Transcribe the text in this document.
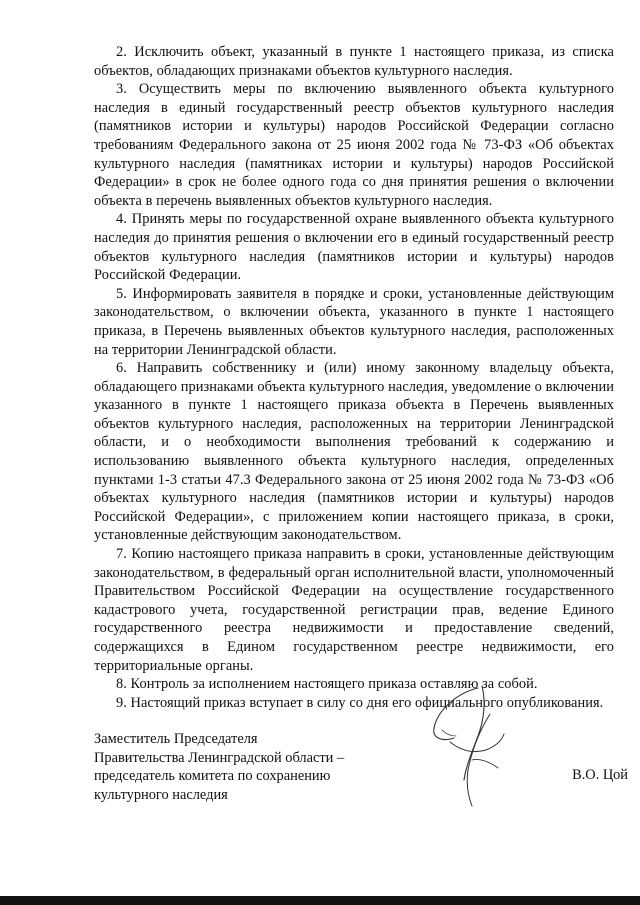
2. Исключить объект, указанный в пункте 1 настоящего приказа, из списка объектов, обладающих признаками объектов культурного наследия.

3. Осуществить меры по включению выявленного объекта культурного наследия в единый государственный реестр объектов культурного наследия (памятников истории и культуры) народов Российской Федерации согласно требованиям Федерального закона от 25 июня 2002 года № 73-ФЗ «Об объектах культурного наследия (памятниках истории и культуры) народов Российской Федерации» в срок не более одного года со дня принятия решения о включении объекта в перечень выявленных объектов культурного наследия.

4. Принять меры по государственной охране выявленного объекта культурного наследия до принятия решения о включении его в единый государственный реестр объектов культурного наследия (памятников истории и культуры) народов Российской Федерации.

5. Информировать заявителя в порядке и сроки, установленные действующим законодательством, о включении объекта, указанного в пункте 1 настоящего приказа, в Перечень выявленных объектов культурного наследия, расположенных на территории Ленинградской области.

6. Направить собственнику и (или) иному законному владельцу объекта, обладающего признаками объекта культурного наследия, уведомление о включении указанного в пункте 1 настоящего приказа объекта в Перечень выявленных объектов культурного наследия, расположенных на территории Ленинградской области, и о необходимости выполнения требований к содержанию и использованию выявленного объекта культурного наследия, определенных пунктами 1-3 статьи 47.3 Федерального закона от 25 июня 2002 года № 73-ФЗ «Об объектах культурного наследия (памятников истории и культуры) народов Российской Федерации», с приложением копии настоящего приказа, в сроки, установленные действующим законодательством.

7. Копию настоящего приказа направить в сроки, установленные действующим законодательством, в федеральный орган исполнительной власти, уполномоченный Правительством Российской Федерации на осуществление государственного кадастрового учета, государственной регистрации прав, ведение Единого государственного реестра недвижимости и предоставление сведений, содержащихся в Едином государственном реестре недвижимости, его территориальные органы.

8. Контроль за исполнением настоящего приказа оставляю за собой.

9. Настоящий приказ вступает в силу со дня его официального опубликования.

Заместитель Председателя
Правительства Ленинградской области –
председатель комитета по сохранению
культурного наследия
В.О. Цой
